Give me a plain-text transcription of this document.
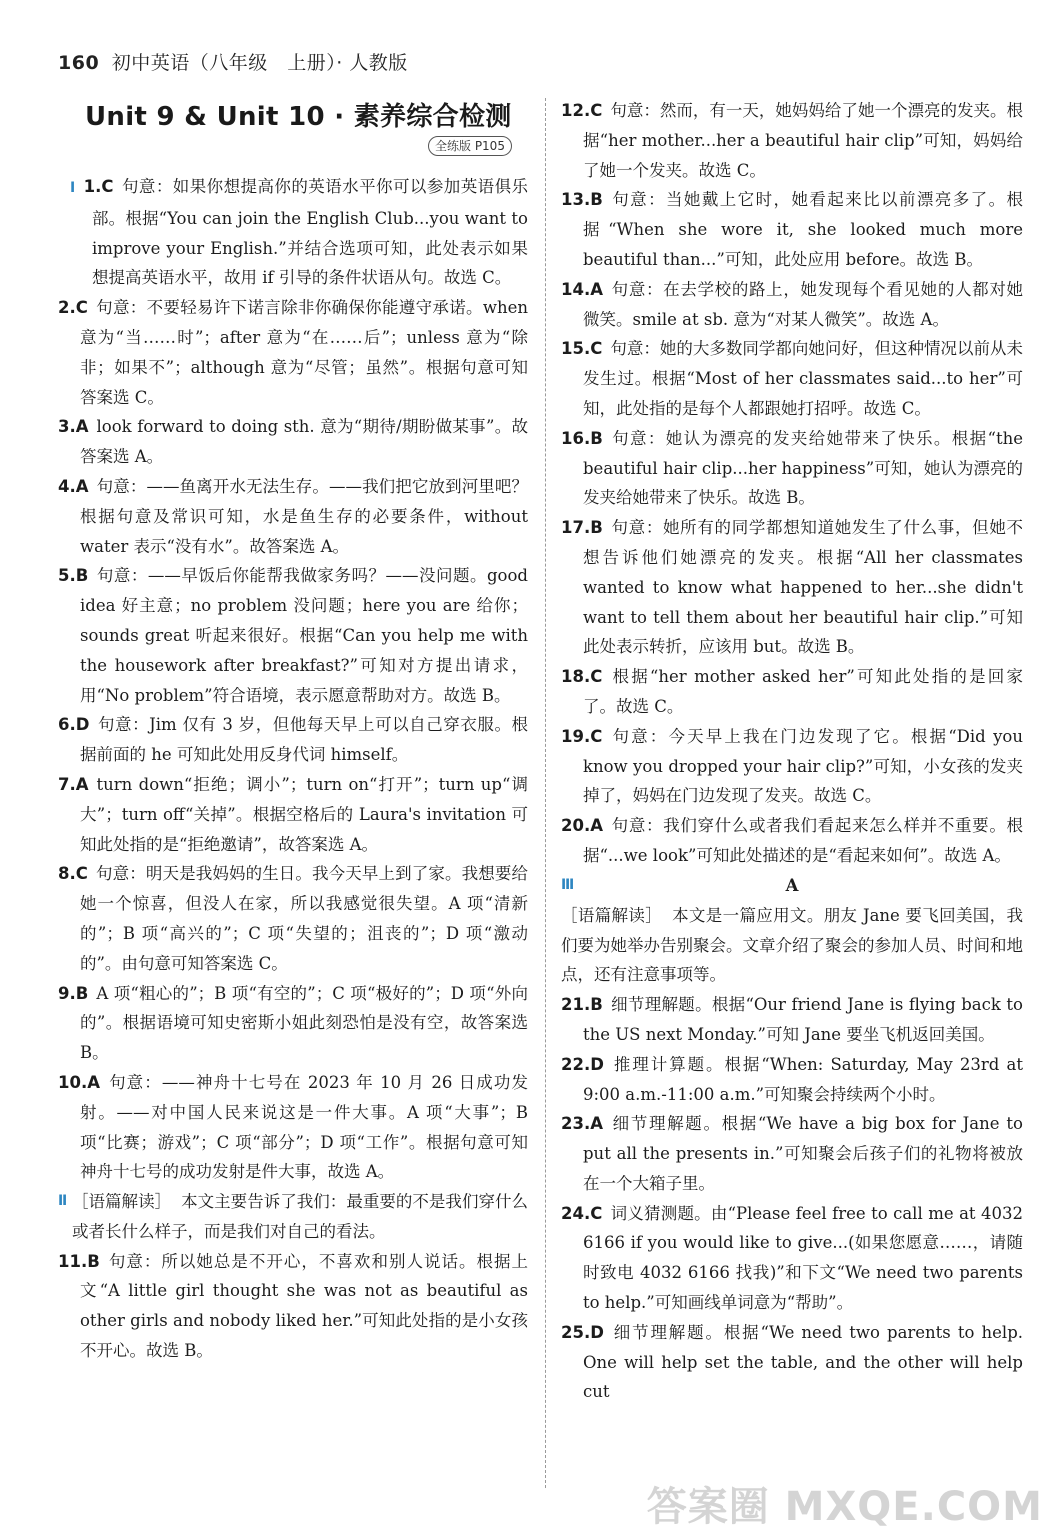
160 初中英语（八年级　上册）· 人教版
Unit 9 & Unit 10 · 素养综合检测
全练版 P105

Ⅰ 1.C 句意：如果你想提高你的英语水平你可以参加英语俱乐部。根据“You can join the English Club...you want to improve your English.”并结合选项可知，此处表示如果想提高英语水平，故用 if 引导的条件状语从句。故选 C。

2.C 句意：不要轻易许下诺言除非你确保你能遵守承诺。when 意为“当……时”；after 意为“在……后”；unless 意为“除非；如果不”；although 意为“尽管；虽然”。根据句意可知答案选 C。

3.A look forward to doing sth. 意为“期待/期盼做某事”。故答案选 A。

4.A 句意：——鱼离开水无法生存。——我们把它放到河里吧？根据句意及常识可知，水是鱼生存的必要条件，without water 表示“没有水”。故答案选 A。

5.B 句意：——早饭后你能帮我做家务吗？——没问题。good idea 好主意；no problem 没问题；here you are 给你；sounds great 听起来很好。根据“Can you help me with the housework after breakfast?”可知对方提出请求，用“No problem”符合语境，表示愿意帮助对方。故选 B。

6.D 句意：Jim 仅有 3 岁，但他每天早上可以自己穿衣服。根据前面的 he 可知此处用反身代词 himself。

7.A turn down“拒绝；调小”；turn on“打开”；turn up“调大”；turn off“关掉”。根据空格后的 Laura's invitation 可知此处指的是“拒绝邀请”，故答案选 A。

8.C 句意：明天是我妈妈的生日。我今天早上到了家。我想要给她一个惊喜，但没人在家，所以我感觉很失望。A 项“清新的”；B 项“高兴的”；C 项“失望的；沮丧的”；D 项“激动的”。由句意可知答案选 C。

9.B A 项“粗心的”；B 项“有空的”；C 项“极好的”；D 项“外向的”。根据语境可知史密斯小姐此刻恐怕是没有空，故答案选 B。

10.A 句意：——神舟十七号在 2023 年 10 月 26 日成功发射。——对中国人民来说这是一件大事。A 项“大事”；B 项“比赛；游戏”；C 项“部分”；D 项“工作”。根据句意可知神舟十七号的成功发射是件大事，故选 A。

Ⅱ ［语篇解读］ 本文主要告诉了我们：最重要的不是我们穿什么或者长什么样子，而是我们对自己的看法。

11.B 句意：所以她总是不开心，不喜欢和别人说话。根据上文“A little girl thought she was not as beautiful as other girls and nobody liked her.”可知此处指的是小女孩不开心。故选 B。

12.C 句意：然而，有一天，她妈妈给了她一个漂亮的发夹。根据“her mother...her a beautiful hair clip”可知，妈妈给了她一个发夹。故选 C。

13.B 句意：当她戴上它时，她看起来比以前漂亮多了。根据“When she wore it, she looked much more beautiful than...”可知，此处应用 before。故选 B。

14.A 句意：在去学校的路上，她发现每个看见她的人都对她微笑。smile at sb. 意为“对某人微笑”。故选 A。

15.C 句意：她的大多数同学都向她问好，但这种情况以前从未发生过。根据“Most of her classmates said...to her”可知，此处指的是每个人都跟她打招呼。故选 C。

16.B 句意：她认为漂亮的发夹给她带来了快乐。根据“the beautiful hair clip...her happiness”可知，她认为漂亮的发夹给她带来了快乐。故选 B。

17.B 句意：她所有的同学都想知道她发生了什么事，但她不想告诉他们她漂亮的发夹。根据“All her classmates wanted to know what happened to her...she didn't want to tell them about her beautiful hair clip.”可知此处表示转折，应该用 but。故选 B。

18.C 根据“her mother asked her”可知此处指的是回家了。故选 C。

19.C 句意：今天早上我在门边发现了它。根据“Did you know you dropped your hair clip?”可知，小女孩的发夹掉了，妈妈在门边发现了发夹。故选 C。

20.A 句意：我们穿什么或者我们看起来怎么样并不重要。根据“...we look”可知此处描述的是“看起来如何”。故选 A。

Ⅲ	A

［语篇解读］ 本文是一篇应用文。朋友 Jane 要飞回美国，我们要为她举办告别聚会。文章介绍了聚会的参加人员、时间和地点，还有注意事项等。

21.B 细节理解题。根据“Our friend Jane is flying back to the US next Monday.”可知 Jane 要坐飞机返回美国。

22.D 推理计算题。根据“When: Saturday, May 23rd at 9:00 a.m.-11:00 a.m.”可知聚会持续两个小时。

23.A 细节理解题。根据“We have a big box for Jane to put all the presents in.”可知聚会后孩子们的礼物将被放在一个大箱子里。

24.C 词义猜测题。由“Please feel free to call me at 4032 6166 if you would like to give...(如果您愿意……，请随时致电 4032 6166 找我)”和下文“We need two parents to help.”可知画线单词意为“帮助”。

25.D 细节理解题。根据“We need two parents to help. One will help set the table, and the other will help cut

答案圈 MXQE.COM
